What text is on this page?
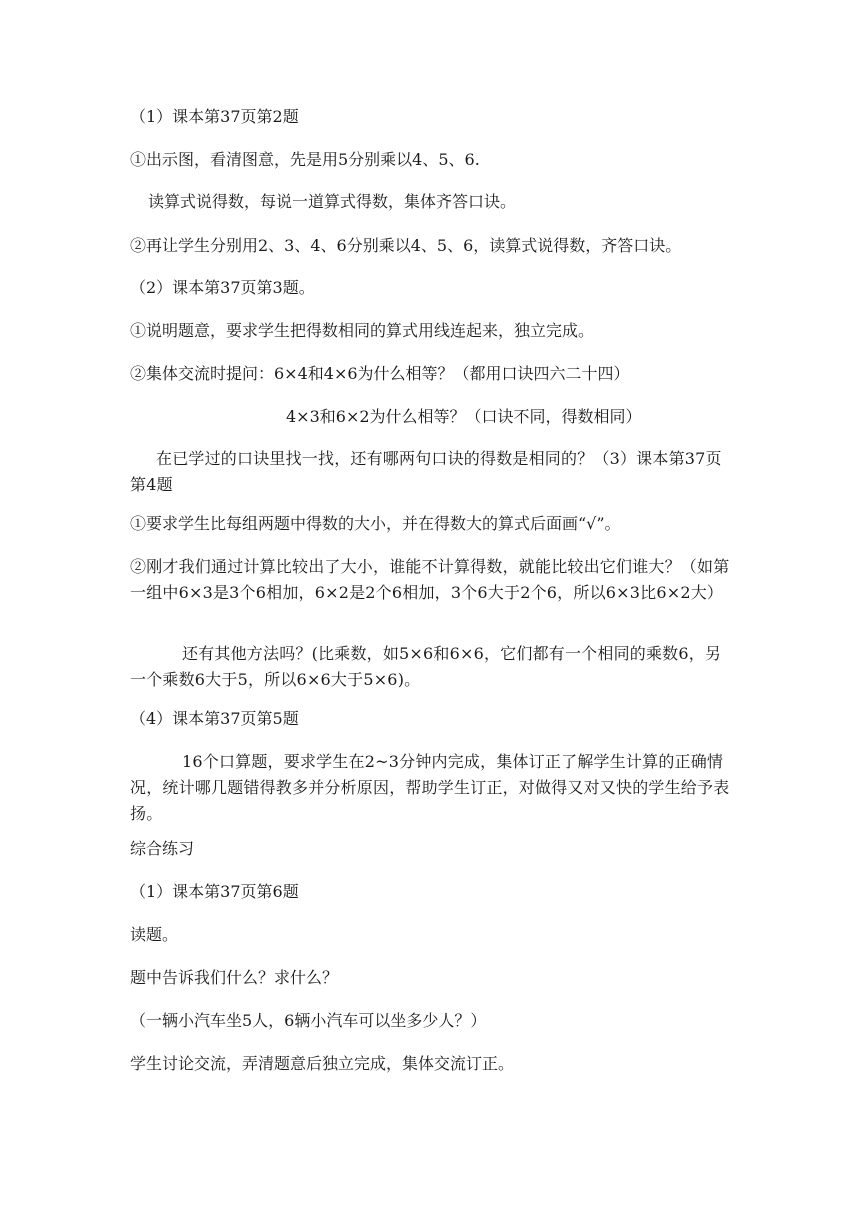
（1）课本第37页第2题
①出示图，看清图意，先是用5分别乘以4、5、6.
读算式说得数，每说一道算式得数，集体齐答口诀。
②再让学生分别用2、3、4、6分别乘以4、5、6，读算式说得数，齐答口诀。
（2）课本第37页第3题。
①说明题意，要求学生把得数相同的算式用线连起来，独立完成。
②集体交流时提问：6×4和4×6为什么相等？（都用口诀四六二十四）
4×3和6×2为什么相等？（口诀不同，得数相同）
在已学过的口诀里找一找，还有哪两句口诀的得数是相同的？（3）课本第37页第4题
①要求学生比每组两题中得数的大小，并在得数大的算式后面画“√”。
②刚才我们通过计算比较出了大小，谁能不计算得数，就能比较出它们谁大？（如第一组中6×3是3个6相加，6×2是2个6相加，3个6大于2个6，所以6×3比6×2大）
还有其他方法吗？(比乘数，如5×6和6×6，它们都有一个相同的乘数6，另一个乘数6大于5，所以6×6大于5×6)。
（4）课本第37页第5题
16个口算题，要求学生在2~3分钟内完成，集体订正了解学生计算的正确情况，统计哪几题错得教多并分析原因，帮助学生订正，对做得又对又快的学生给予表扬。
综合练习
（1）课本第37页第6题
读题。
题中告诉我们什么？求什么？
（一辆小汽车坐5人，6辆小汽车可以坐多少人？）
学生讨论交流，弄清题意后独立完成，集体交流订正。
